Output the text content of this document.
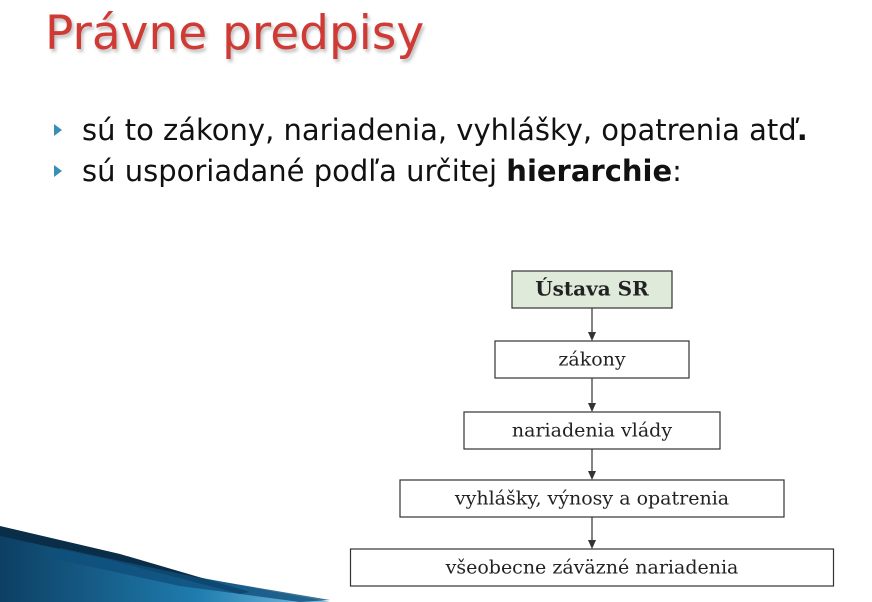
Právne predpisy
sú to zákony, nariadenia, vyhlášky, opatrenia atď.
sú usporiadané podľa určitej hierarchie:
Ústava SR
zákony
nariadenia vlády
vyhlášky, výnosy a opatrenia
všeobecne záväzné nariadenia
